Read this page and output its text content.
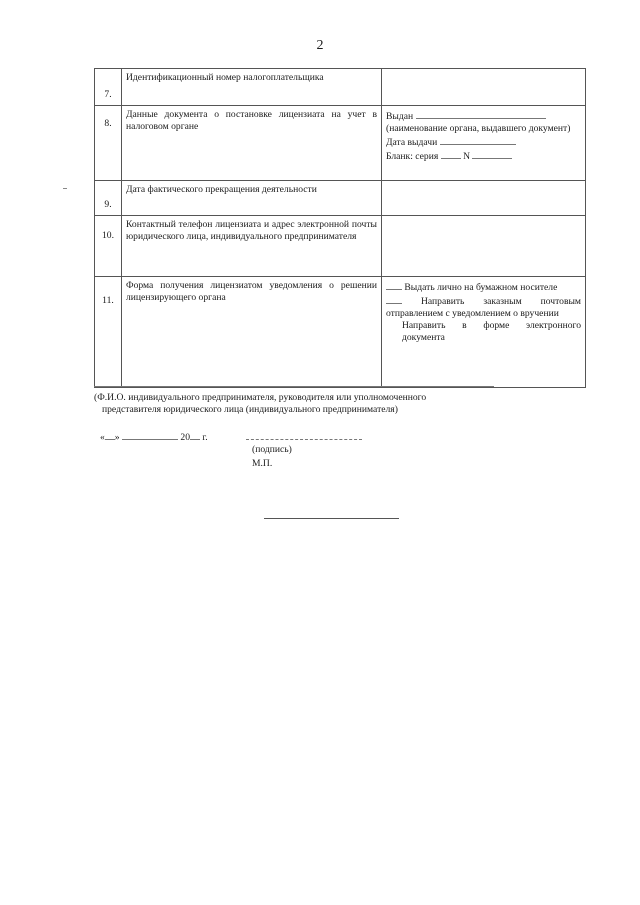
2
7.	Идентификационный номер налогоплательщика	
8.	Данные документа о постановке лицензиата на учет в налоговом органе	Выдан
(наименование органа, выдавшего документ)
Дата выдачи
Бланк: серия N

9.	Дата фактического прекращения деятельности	
10.	Контактный телефон лицензиата и адрес электронной почты юридического лица, индивидуального предпринимателя	
11.	Форма получения лицензиатом уведомления о решении лицензирующего органа	Выдать лично на бумажном носителе
Направить заказным почтовым отправлением с уведомлением о вручении
Направить в форме электронного документа
(Ф.И.О. индивидуального предпринимателя, руководителя или уполномоченного
представителя юридического лица (индивидуального предпринимателя)
« »	20 г.
(подпись)
М.П.
